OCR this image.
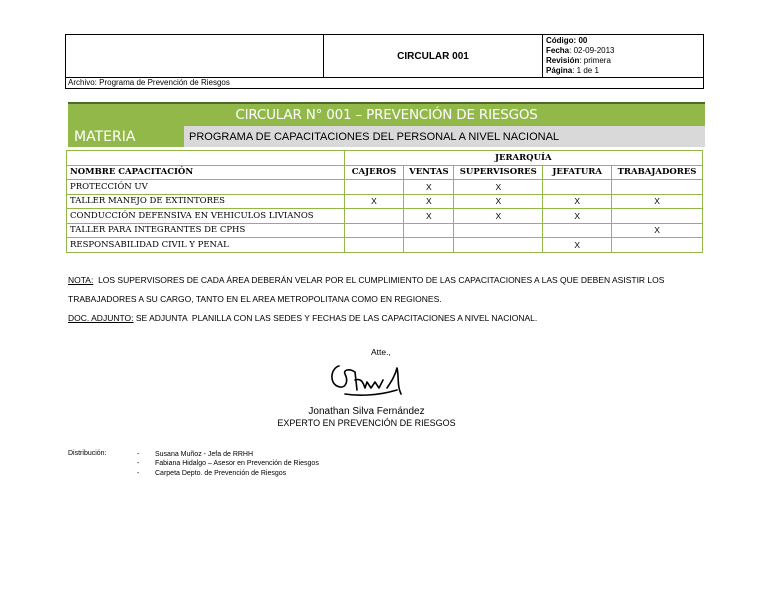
CIRCULAR 001
Código: 00
Fecha: 02-09-2013
Revisión: primera
Página: 1 de 1
Archivo: Programa de Prevención de Riesgos
CIRCULAR N° 001 – PREVENCIÓN DE RIESGOS
MATERIA	PROGRAMA DE CAPACITACIONES DEL PERSONAL A NIVEL NACIONAL
	JERARQUÍA				
NOMBRE CAPACITACIÓN	CAJEROS	VENTAS	SUPERVISORES	JEFATURA	TRABAJADORES
PROTECCIÓN UV		X	X		
TALLER MANEJO DE EXTINTORES	X	X	X	X	X
CONDUCCIÓN DEFENSIVA EN VEHICULOS LIVIANOS		X	X	X	
TALLER PARA INTEGRANTES DE CPHS					X
RESPONSABILIDAD CIVIL Y PENAL				X	
NOTA:  LOS SUPERVISORES DE CADA ÁREA DEBERÁN VELAR POR EL CUMPLIMIENTO DE LAS CAPACITACIONES A LAS QUE DEBEN ASISTIR LOS
TRABAJADORES A SU CARGO, TANTO EN EL AREA METROPOLITANA COMO EN REGIONES.
DOC. ADJUNTO: SE ADJUNTA  PLANILLA CON LAS SEDES Y FECHAS DE LAS CAPACITACIONES A NIVEL NACIONAL.
Atte.,
Jonathan Silva Fernández
EXPERTO EN PREVENCIÓN DE RIESGOS
Distribución:	- Susana Muñoz - Jefa de RRHH
- Fabiana Hidalgo – Asesor en Prevención de Riesgos
- Carpeta Depto. de Prevención de Riesgos
